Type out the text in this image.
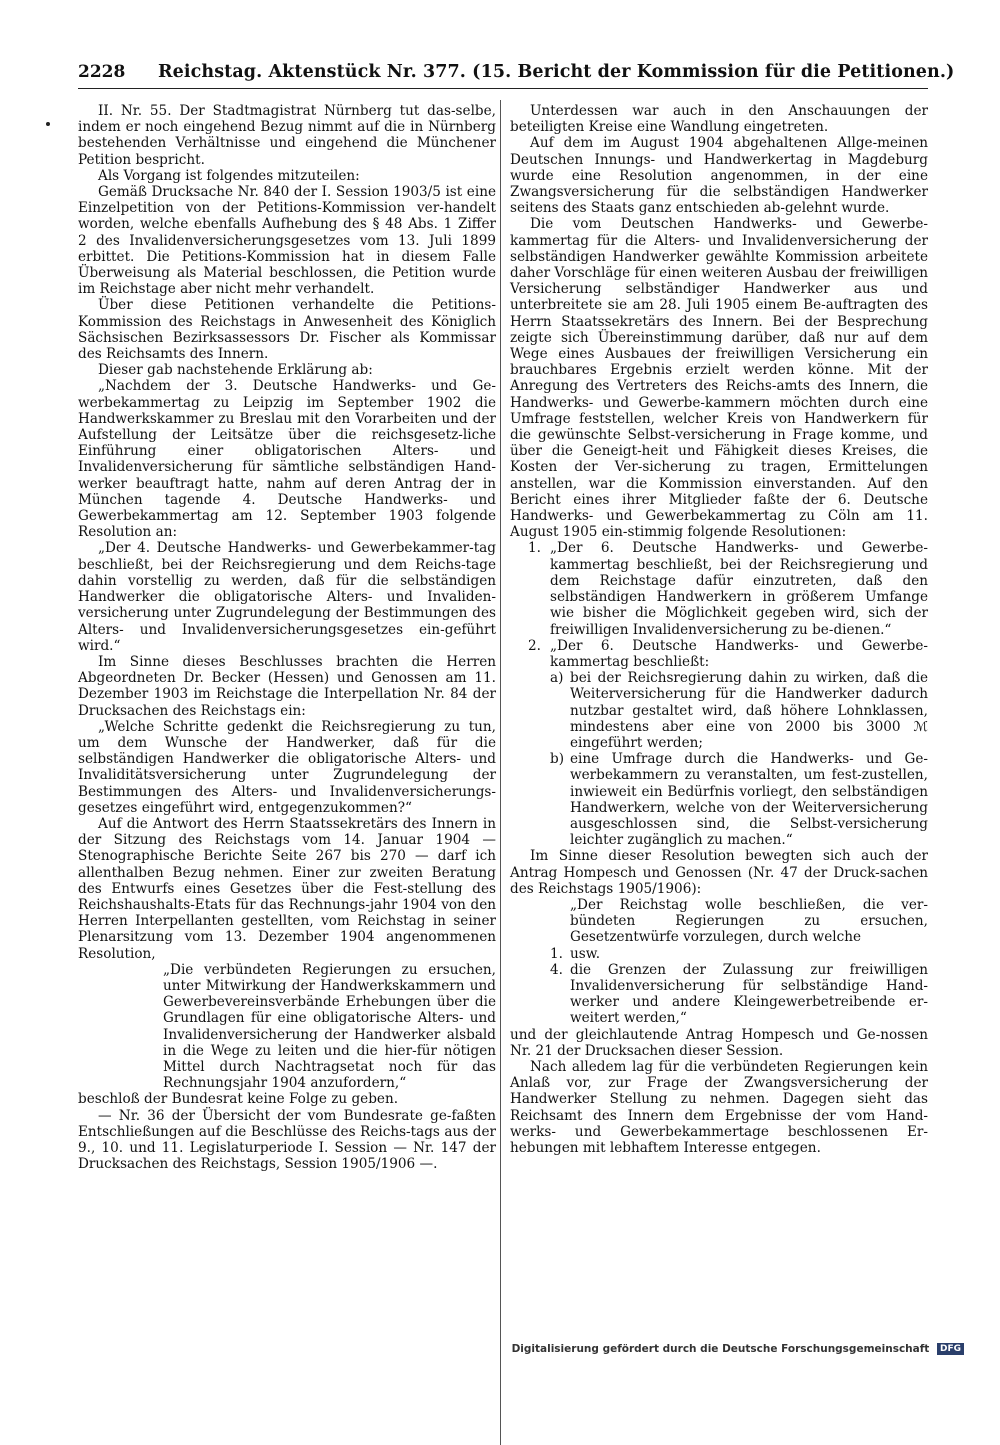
2228 Reichstag. Aktenstück Nr. 377. (15. Bericht der Kommission für die Petitionen.)

II. Nr. 55. Der Stadtmagistrat Nürnberg tut das-selbe, indem er noch eingehend Bezug nimmt auf die in Nürnberg bestehenden Verhältnisse und eingehend die Münchener Petition bespricht.

Als Vorgang ist folgendes mitzuteilen:

Gemäß Drucksache Nr. 840 der I. Session 1903/5 ist eine Einzelpetition von der Petitions-Kommission ver-handelt worden, welche ebenfalls Aufhebung des § 48 Abs. 1 Ziffer 2 des Invalidenversicherungsgesetzes vom 13. Juli 1899 erbittet. Die Petitions-Kommission hat in diesem Falle Überweisung als Material beschlossen, die Petition wurde im Reichstage aber nicht mehr verhandelt.

Über diese Petitionen verhandelte die Petitions-Kommission des Reichstags in Anwesenheit des Königlich Sächsischen Bezirksassessors Dr. Fischer als Kommissar des Reichsamts des Innern.

Dieser gab nachstehende Erklärung ab:

„Nachdem der 3. Deutsche Handwerks- und Ge-werbekammertag zu Leipzig im September 1902 die Handwerkskammer zu Breslau mit den Vorarbeiten und der Aufstellung der Leitsätze über die reichsgesetz-liche Einführung einer obligatorischen Alters- und Invalidenversicherung für sämtliche selbständigen Hand-werker beauftragt hatte, nahm auf deren Antrag der in München tagende 4. Deutsche Handwerks- und Gewerbekammertag am 12. September 1903 folgende Resolution an:

„Der 4. Deutsche Handwerks- und Gewerbekammer-tag beschließt, bei der Reichsregierung und dem Reichs-tage dahin vorstellig zu werden, daß für die selbständigen Handwerker die obligatorische Alters- und Invaliden-versicherung unter Zugrundelegung der Bestimmungen des Alters- und Invalidenversicherungsgesetzes ein-geführt wird.“

Im Sinne dieses Beschlusses brachten die Herren Abgeordneten Dr. Becker (Hessen) und Genossen am 11. Dezember 1903 im Reichstage die Interpellation Nr. 84 der Drucksachen des Reichstags ein:

„Welche Schritte gedenkt die Reichsregierung zu tun, um dem Wunsche der Handwerker, daß für die selbständigen Handwerker die obligatorische Alters- und Invaliditätsversicherung unter Zugrundelegung der Bestimmungen des Alters- und Invalidenversicherungs-gesetzes eingeführt wird, entgegenzukommen?“

Auf die Antwort des Herrn Staatssekretärs des Innern in der Sitzung des Reichstags vom 14. Januar 1904 — Stenographische Berichte Seite 267 bis 270 — darf ich allenthalben Bezug nehmen. Einer zur zweiten Beratung des Entwurfs eines Gesetzes über die Fest-stellung des Reichshaushalts-Etats für das Rechnungs-jahr 1904 von den Herren Interpellanten gestellten, vom Reichstag in seiner Plenarsitzung vom 13. Dezember 1904 angenommenen Resolution,

„Die verbündeten Regierungen zu ersuchen, unter Mitwirkung der Handwerkskammern und Gewerbevereinsverbände Erhebungen über die Grundlagen für eine obligatorische Alters- und Invalidenversicherung der Handwerker alsbald in die Wege zu leiten und die hier-für nötigen Mittel durch Nachtragsetat noch für das Rechnungsjahr 1904 anzufordern,“

beschloß der Bundesrat keine Folge zu geben.

— Nr. 36 der Übersicht der vom Bundesrate ge-faßten Entschließungen auf die Beschlüsse des Reichs-tags aus der 9., 10. und 11. Legislaturperiode I. Session — Nr. 147 der Drucksachen des Reichstags, Session 1905/1906 —.

Unterdessen war auch in den Anschauungen der beteiligten Kreise eine Wandlung eingetreten.

Auf dem im August 1904 abgehaltenen Allge-meinen Deutschen Innungs- und Handwerkertag in Magdeburg wurde eine Resolution angenommen, in der eine Zwangsversicherung für die selbständigen Handwerker seitens des Staats ganz entschieden ab-gelehnt wurde.

Die vom Deutschen Handwerks- und Gewerbe-kammertag für die Alters- und Invalidenversicherung der selbständigen Handwerker gewählte Kommission arbeitete daher Vorschläge für einen weiteren Ausbau der freiwilligen Versicherung selbständiger Handwerker aus und unterbreitete sie am 28. Juli 1905 einem Be-auftragten des Herrn Staatssekretärs des Innern. Bei der Besprechung zeigte sich Übereinstimmung darüber, daß nur auf dem Wege eines Ausbaues der freiwilligen Versicherung ein brauchbares Ergebnis erzielt werden könne. Mit der Anregung des Vertreters des Reichs-amts des Innern, die Handwerks- und Gewerbe-kammern möchten durch eine Umfrage feststellen, welcher Kreis von Handwerkern für die gewünschte Selbst-versicherung in Frage komme, und über die Geneigt-heit und Fähigkeit dieses Kreises, die Kosten der Ver-sicherung zu tragen, Ermittelungen anstellen, war die Kommission einverstanden. Auf den Bericht eines ihrer Mitglieder faßte der 6. Deutsche Handwerks- und Gewerbekammertag zu Cöln am 11. August 1905 ein-stimmig folgende Resolutionen:

1. „Der 6. Deutsche Handwerks- und Gewerbe-kammertag beschließt, bei der Reichsregierung und dem Reichstage dafür einzutreten, daß den selbständigen Handwerkern in größerem Umfange wie bisher die Möglichkeit gegeben wird, sich der freiwilligen Invalidenversicherung zu be-dienen.“

2. „Der 6. Deutsche Handwerks- und Gewerbe-kammertag beschließt:

a) bei der Reichsregierung dahin zu wirken, daß die Weiterversicherung für die Handwerker dadurch nutzbar gestaltet wird, daß höhere Lohnklassen, mindestens aber eine von 2000 bis 3000 ℳ eingeführt werden;

b) eine Umfrage durch die Handwerks- und Ge-werbekammern zu veranstalten, um fest-zustellen, inwieweit ein Bedürfnis vorliegt, den selbständigen Handwerkern, welche von der Weiterversicherung ausgeschlossen sind, die Selbst-versicherung leichter zugänglich zu machen.“

Im Sinne dieser Resolution bewegten sich auch der Antrag Hompesch und Genossen (Nr. 47 der Druck-sachen des Reichstags 1905/1906):

„Der Reichstag wolle beschließen, die ver-bündeten Regierungen zu ersuchen, Gesetzentwürfe vorzulegen, durch welche

1. usw.

4. die Grenzen der Zulassung zur freiwilligen Invalidenversicherung für selbständige Hand-werker und andere Kleingewerbetreibende er-weitert werden,“

und der gleichlautende Antrag Hompesch und Ge-nossen Nr. 21 der Drucksachen dieser Session.

Nach alledem lag für die verbündeten Regierungen kein Anlaß vor, zur Frage der Zwangsversicherung der Handwerker Stellung zu nehmen. Dagegen sieht das Reichsamt des Innern dem Ergebnisse der vom Hand-werks- und Gewerbekammertage beschlossenen Er-hebungen mit lebhaftem Interesse entgegen.

Digitalisierung gefördert durch die Deutsche Forschungsgemeinschaft DFG
